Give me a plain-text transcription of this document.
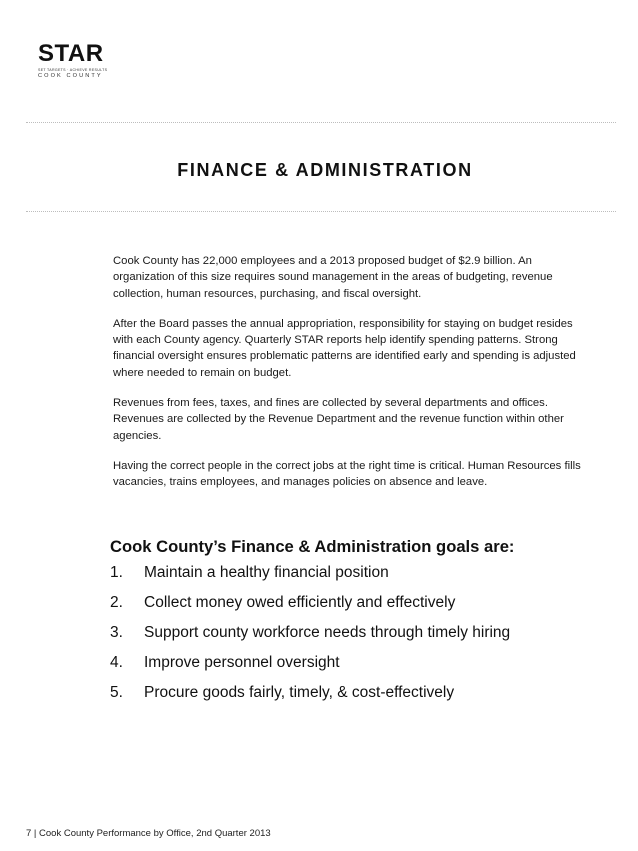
STAR
SET TARGETS · ACHIEVE RESULTS
COOK COUNTY
FINANCE & ADMINISTRATION

Cook County has 22,000 employees and a 2013 proposed budget of $2.9 billion. An organization of this size requires sound management in the areas of budgeting, revenue collection, human resources, purchasing, and fiscal oversight.

After the Board passes the annual appropriation, responsibility for staying on budget resides with each County agency. Quarterly STAR reports help identify spending patterns. Strong financial oversight ensures problematic patterns are identified early and spending is adjusted where needed to remain on budget.

Revenues from fees, taxes, and fines are collected by several departments and offices. Revenues are collected by the Revenue Department and the revenue function within other agencies.

Having the correct people in the correct jobs at the right time is critical. Human Resources fills vacancies, trains employees, and manages policies on absence and leave.

Cook County’s Finance & Administration goals are:
1.	Maintain a healthy financial position
2.	Collect money owed efficiently and effectively
3.	Support county workforce needs through timely hiring
4.	Improve personnel oversight
5.	Procure goods fairly, timely, & cost-effectively
7 | Cook County Performance by Office, 2nd Quarter 2013
